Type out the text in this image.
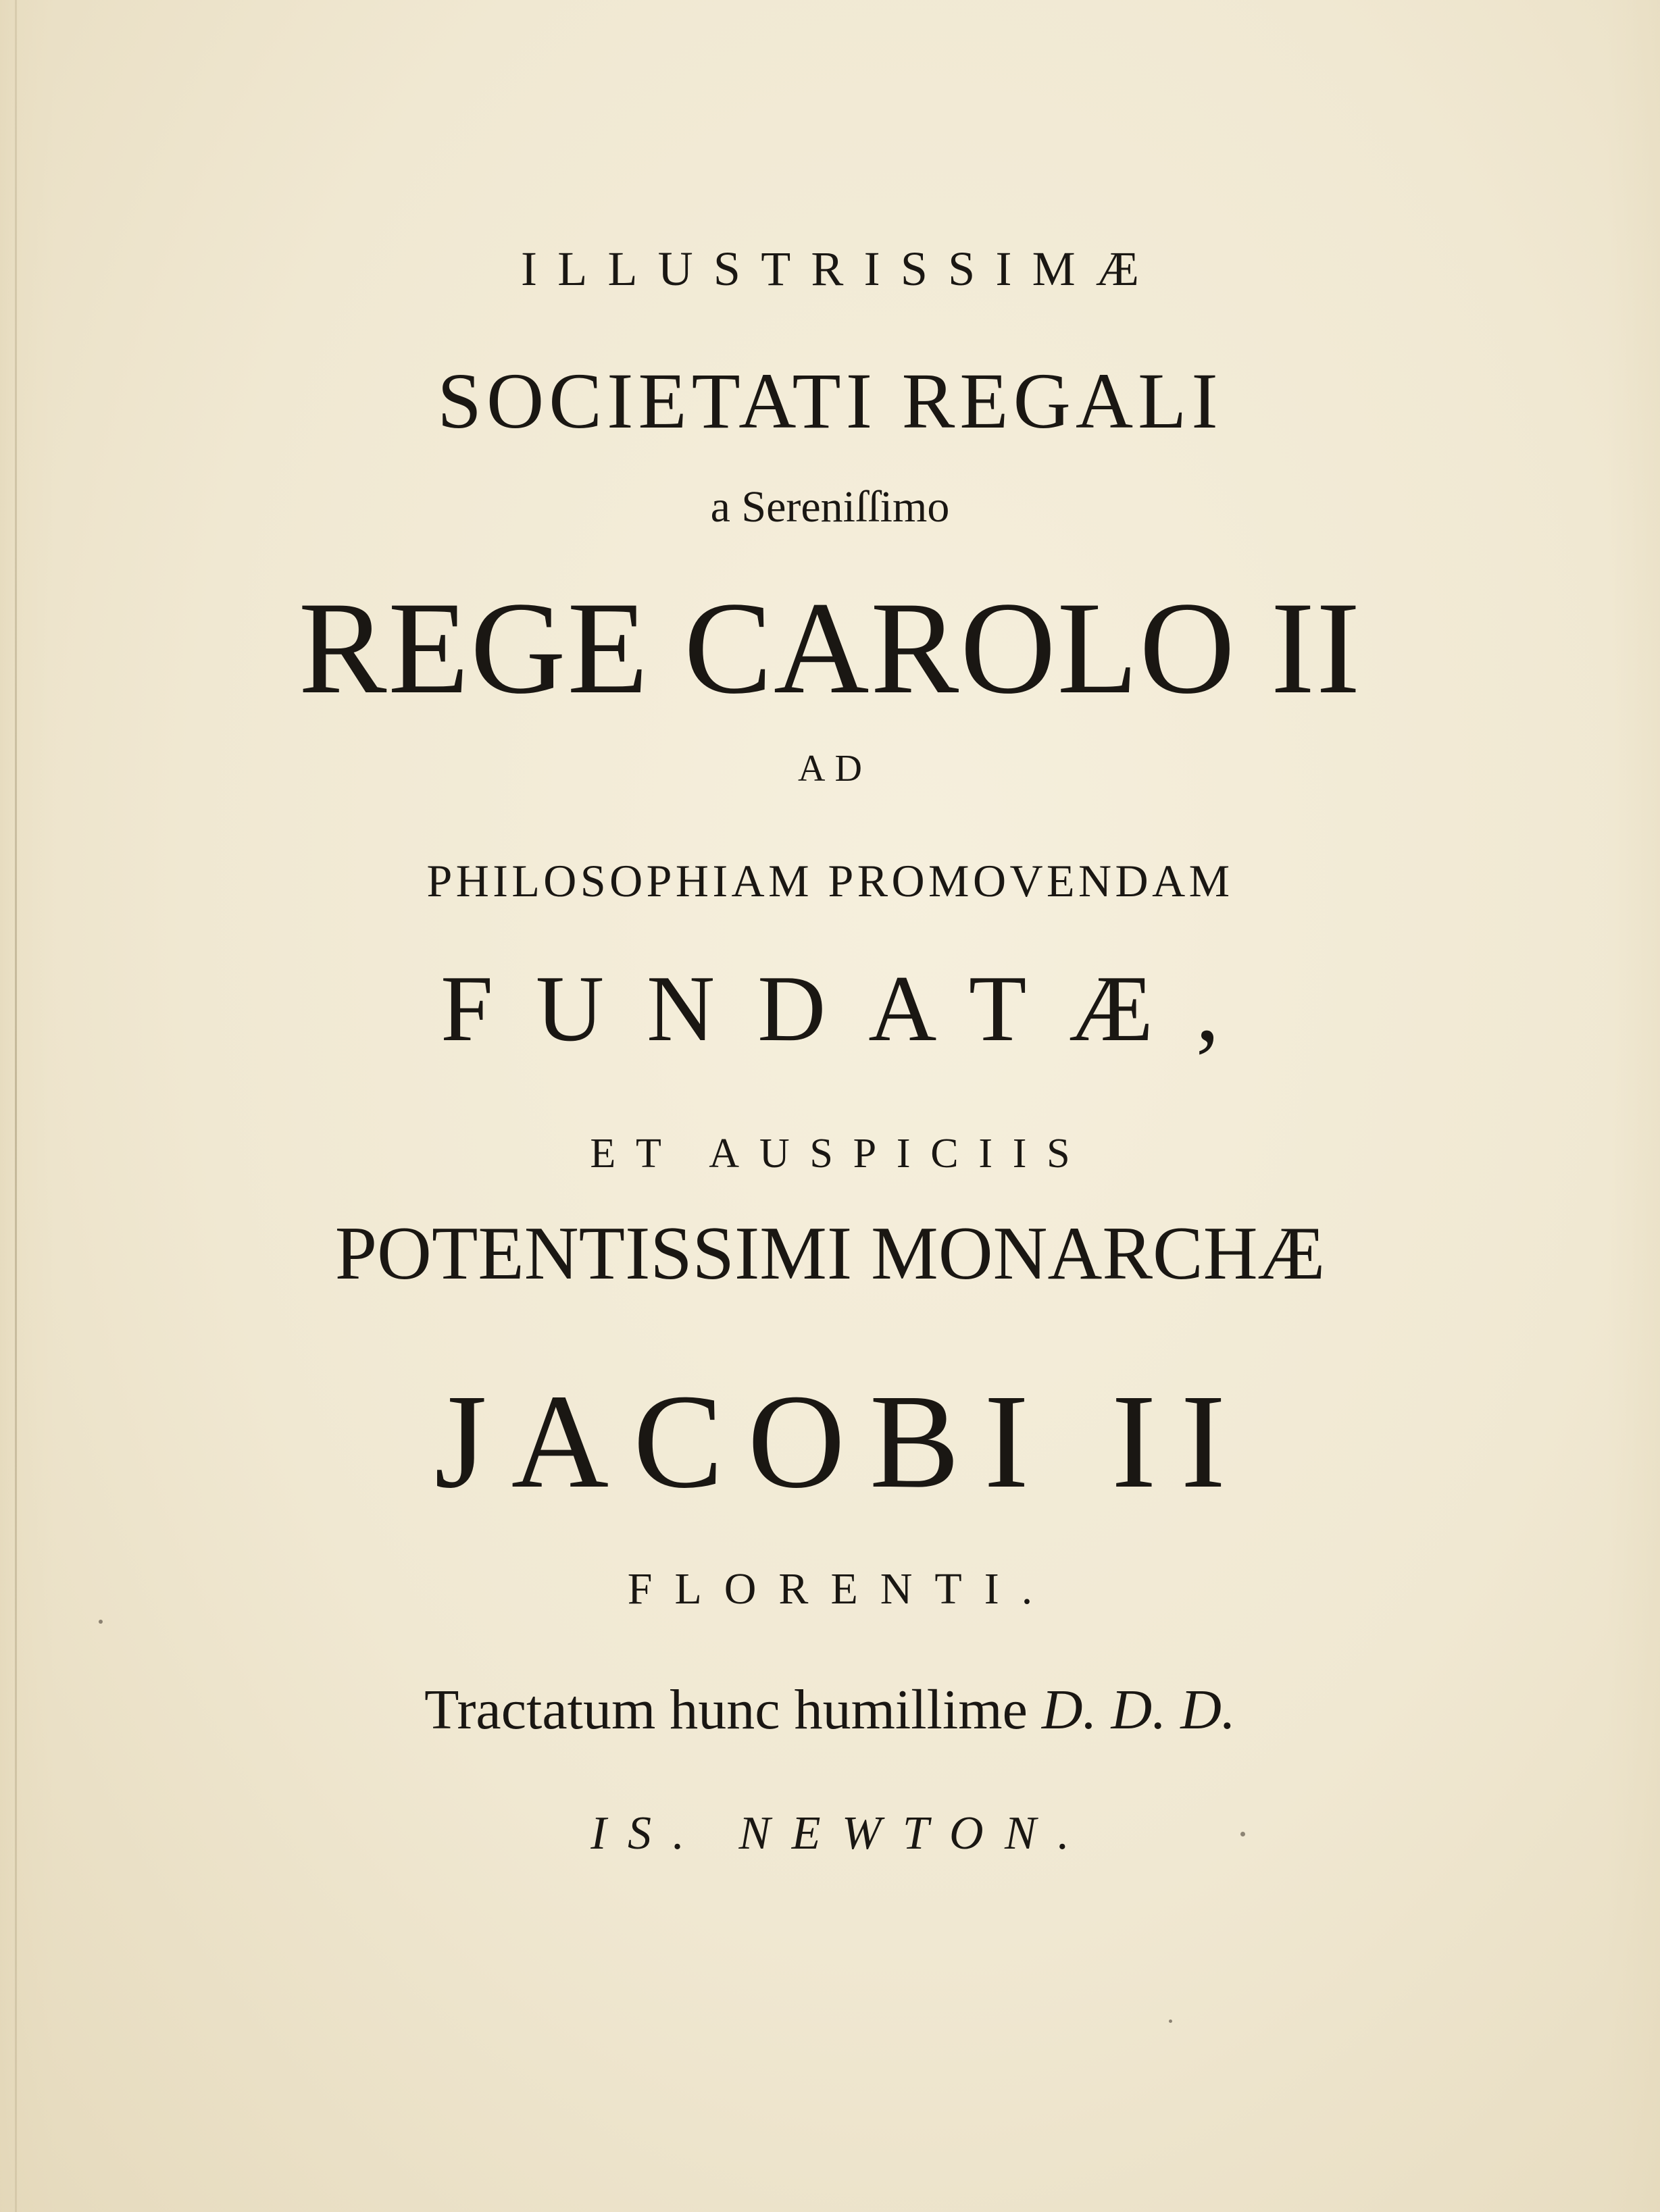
ILLUSTRISSIMÆ
SOCIETATI REGALI
a Sereniſſimo
REGE CAROLO II
AD
PHILOSOPHIAM PROMOVENDAM
FUNDATÆ,
ET AUSPICIIS
POTENTISSIMI MONARCHÆ
JACOBI II
FLORENTI.
Tractatum hunc humillime D. D. D.
IS. NEWTON.
